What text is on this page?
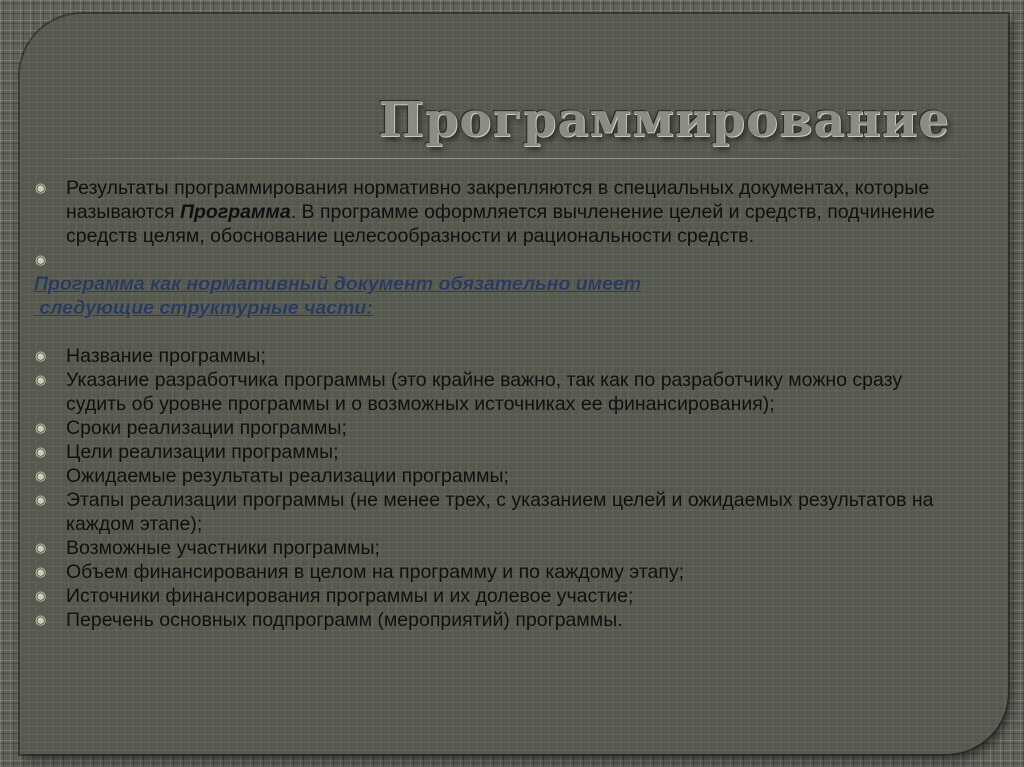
Программирование

◉ Результаты программирования нормативно закрепляются в специальных документах, которые называются Программа. В программе оформляется вычленение целей и средств, подчинение средств целям, обоснование целесообразности и рациональности средств.

◉

Программа как нормативный документ обязательно имеет
следующие структурные части:

◉ Название программы;

◉ Указание разработчика программы (это крайне важно, так как по разработчику можно сразу судить об уровне программы и о возможных источниках ее финансирования);

◉ Сроки реализации программы;

◉ Цели реализации программы;

◉ Ожидаемые результаты реализации программы;

◉ Этапы реализации программы (не менее трех, с указанием целей и ожидаемых результатов на каждом этапе);

◉ Возможные участники программы;

◉ Объем финансирования в целом на программу и по каждому этапу;

◉ Источники финансирования программы и их долевое участие;

◉ Перечень основных подпрограмм (мероприятий) программы.
